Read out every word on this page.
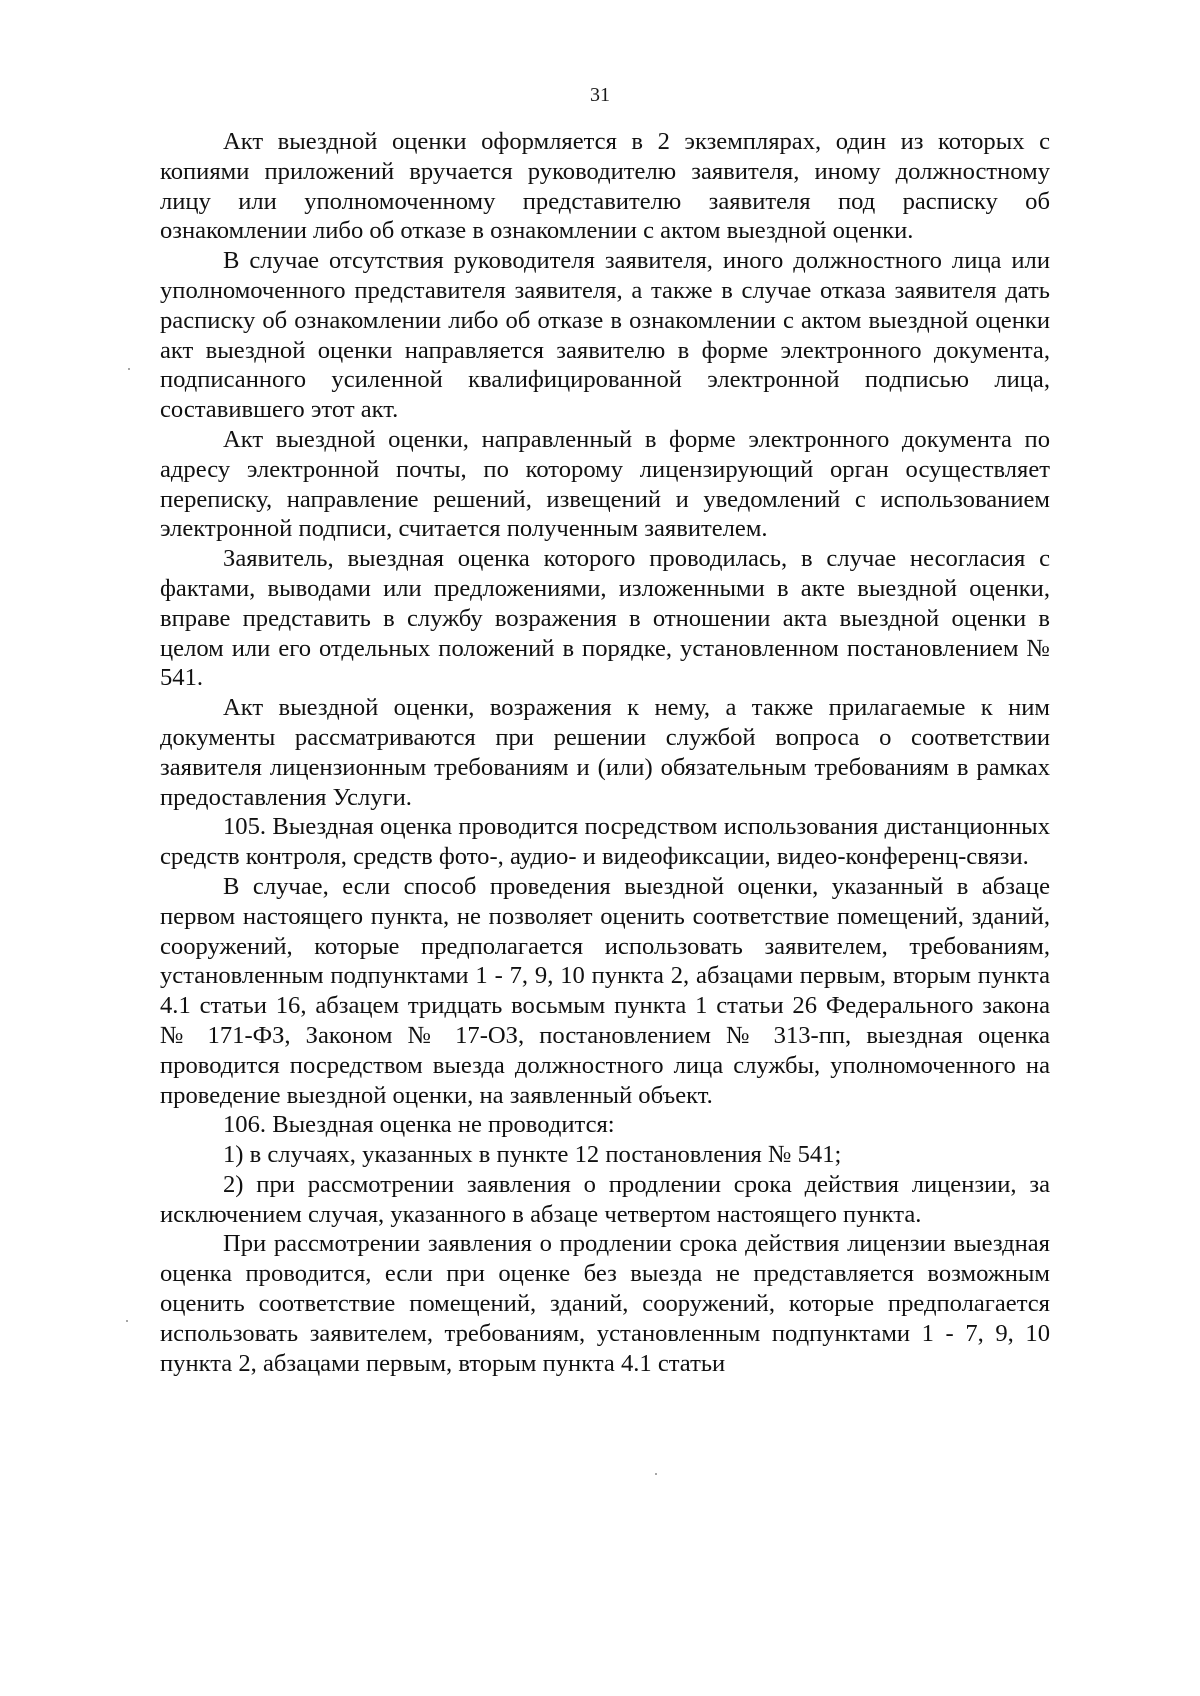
31

Акт выездной оценки оформляется в 2 экземплярах, один из которых с копиями приложений вручается руководителю заявителя, иному должностному лицу или уполномоченному представителю заявителя под расписку об ознакомлении либо об отказе в ознакомлении с актом выездной оценки.

В случае отсутствия руководителя заявителя, иного должностного лица или уполномоченного представителя заявителя, а также в случае отказа заявителя дать расписку об ознакомлении либо об отказе в ознакомлении с актом выездной оценки акт выездной оценки направляется заявителю в форме электронного документа, подписанного усиленной квалифицированной электронной подписью лица, составившего этот акт.

Акт выездной оценки, направленный в форме электронного документа по адресу электронной почты, по которому лицензирующий орган осуществляет переписку, направление решений, извещений и уведомлений с использованием электронной подписи, считается полученным заявителем.

Заявитель, выездная оценка которого проводилась, в случае несогласия с фактами, выводами или предложениями, изложенными в акте выездной оценки, вправе представить в службу возражения в отношении акта выездной оценки в целом или его отдельных положений в порядке, установленном постановлением № 541.

Акт выездной оценки, возражения к нему, а также прилагаемые к ним документы рассматриваются при решении службой вопроса о соответствии заявителя лицензионным требованиям и (или) обязательным требованиям в рамках предоставления Услуги.

105. Выездная оценка проводится посредством использования дистанционных средств контроля, средств фото-, аудио- и видеофиксации, видео-конференц-связи.

В случае, если способ проведения выездной оценки, указанный в абзаце первом настоящего пункта, не позволяет оценить соответствие помещений, зданий, сооружений, которые предполагается использовать заявителем, требованиям, установленным подпунктами 1 - 7, 9, 10 пункта 2, абзацами первым, вторым пункта 4.1 статьи 16, абзацем тридцать восьмым пункта 1 статьи 26 Федерального закона № 171-ФЗ, Законом № 17-ОЗ, постановлением № 313-пп, выездная оценка проводится посредством выезда должностного лица службы, уполномоченного на проведение выездной оценки, на заявленный объект.

106. Выездная оценка не проводится:

1) в случаях, указанных в пункте 12 постановления № 541;

2) при рассмотрении заявления о продлении срока действия лицензии, за исключением случая, указанного в абзаце четвертом настоящего пункта.

При рассмотрении заявления о продлении срока действия лицензии выездная оценка проводится, если при оценке без выезда не представляется возможным оценить соответствие помещений, зданий, сооружений, которые предполагается использовать заявителем, требованиям, установленным подпунктами 1 - 7, 9, 10 пункта 2, абзацами первым, вторым пункта 4.1 статьи
